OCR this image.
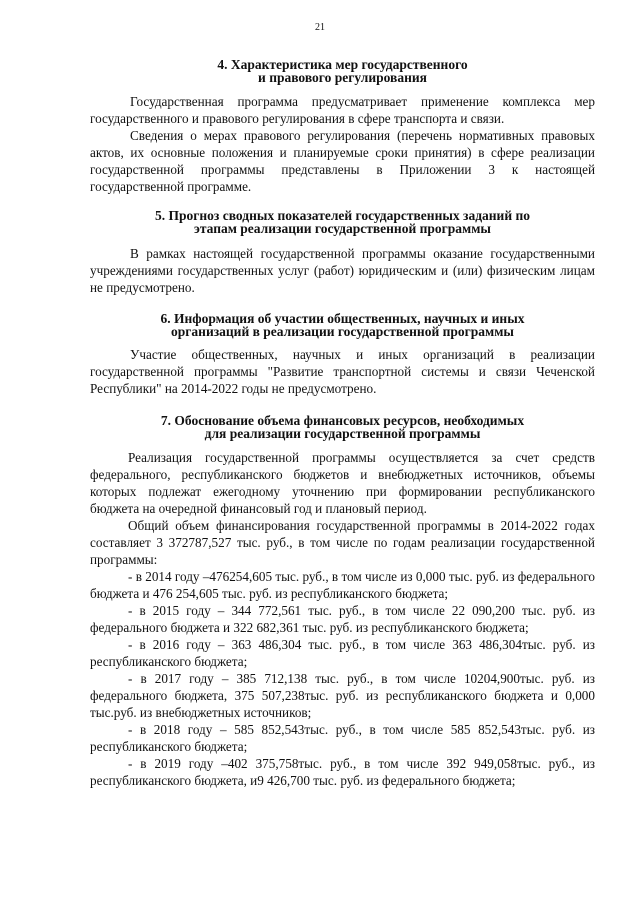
21
4. Характеристика мер государственного
и правового регулирования

Государственная программа предусматривает применение комплекса мер государственного и правового регулирования в сфере транспорта и связи.

Сведения о мерах правового регулирования (перечень нормативных правовых актов, их основные положения и планируемые сроки принятия) в сфере реализации государственной программы представлены в Приложении 3 к настоящей государственной программе.

5. Прогноз сводных показателей государственных заданий по
этапам реализации государственной программы

В рамках настоящей государственной программы оказание государственными учреждениями государственных услуг (работ) юридическим и (или) физическим лицам не предусмотрено.

6. Информация об участии общественных, научных и иных
организаций в реализации государственной программы

Участие общественных, научных и иных организаций в реализации государственной программы "Развитие транспортной системы и связи Чеченской Республики" на 2014-2022 годы не предусмотрено.

7. Обоснование объема финансовых ресурсов, необходимых
для реализации государственной программы

Реализация государственной программы осуществляется за счет средств федерального, республиканского бюджетов и внебюджетных источников, объемы которых подлежат ежегодному уточнению при формировании республиканского бюджета на очередной финансовый год и плановый период.

Общий объем финансирования государственной программы в 2014-2022 годах составляет 3 372787,527 тыс. руб., в том числе по годам реализации государственной программы:

- в 2014 году –476254,605 тыс. руб., в том числе из 0,000 тыс. руб. из федерального бюджета и 476 254,605 тыс. руб. из республиканского бюджета;

- в 2015 году – 344 772,561 тыс. руб., в том числе 22 090,200 тыс. руб. из федерального бюджета и 322 682,361 тыс. руб. из республиканского бюджета;

- в 2016 году – 363 486,304 тыс. руб., в том числе 363 486,304тыс. руб. из республиканского бюджета;

- в 2017 году – 385 712,138 тыс. руб., в том числе 10204,900тыс. руб. из федерального бюджета, 375 507,238тыс. руб. из республиканского бюджета и 0,000 тыс.руб. из внебюджетных источников;

- в 2018 году – 585 852,543тыс. руб., в том числе 585 852,543тыс. руб. из республиканского бюджета;

- в 2019 году –402 375,758тыс. руб., в том числе 392 949,058тыс. руб., из республиканского бюджета, и9 426,700 тыс. руб. из федерального бюджета;
